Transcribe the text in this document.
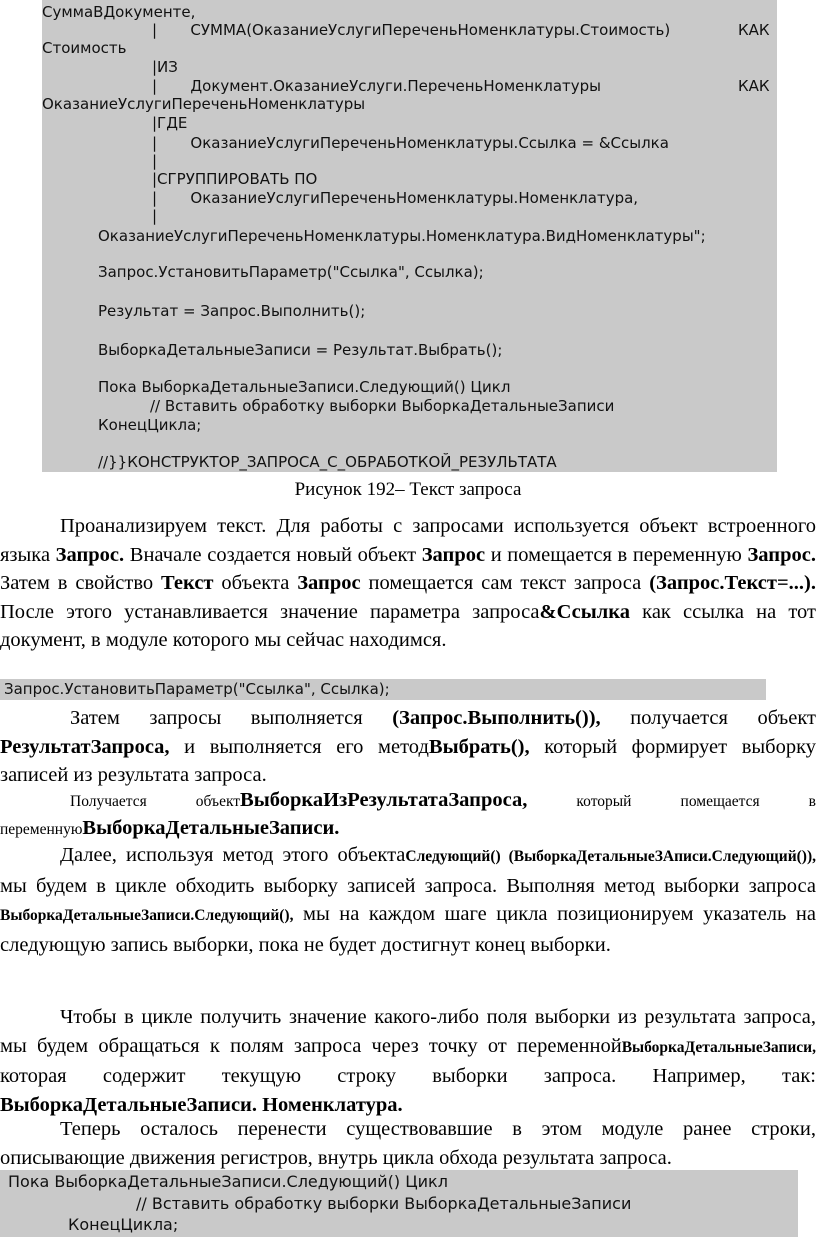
СуммаВДокументе,
|       СУММА(ОказаниеУслугиПереченьНоменклатуры.Стоимость)	КАК
Стоимость
|ИЗ
|       Документ.ОказаниеУслуги.ПереченьНоменклатуры	КАК
ОказаниеУслугиПереченьНоменклатуры
|ГДЕ
|       ОказаниеУслугиПереченьНоменклатуры.Ссылка = &Ссылка
|
|СГРУППИРОВАТЬ ПО
|       ОказаниеУслугиПереченьНоменклатуры.Номенклатура,
|
ОказаниеУслугиПереченьНоменклатуры.Номенклатура.ВидНоменклатуры";
Запрос.УстановитьПараметр("Ссылка", Ссылка);
Результат = Запрос.Выполнить();
ВыборкаДетальныеЗаписи = Результат.Выбрать();
Пока ВыборкаДетальныеЗаписи.Следующий() Цикл
// Вставить обработку выборки ВыборкаДетальныеЗаписи
КонецЦикла;
//}}КОНСТРУКТОР_ЗАПРОСА_С_ОБРАБОТКОЙ_РЕЗУЛЬТАТА
Рисунок 192– Текст запроса

Проанализируем текст. Для работы с запросами используется объект встроенного языка Запрос. Вначале создается новый объект Запрос и помещается в переменную Запрос. Затем в свойство Текст объекта Запрос помещается сам текст запроса (Запрос.Текст=...). После этого устанавливается значение параметра запроса&Ссылка как ссылка на тот документ, в модуле которого мы сейчас находимся.

Запрос.УстановитьПараметр("Ссылка", Ссылка);

Затем запросы выполняется (Запрос.Выполнить()), получается объект РезультатЗапроса, и выполняется его методВыбрать(), который формирует выборку записей из результата запроса.

Получается объектВыборкаИзРезультатаЗапроса, который помещается в переменнуюВыборкаДетальныеЗаписи.

Далее, используя метод этого объектаСледующий() (ВыборкаДетальныеЗАписи.Следующий()), мы будем в цикле обходить выборку записей запроса. Выполняя метод выборки запроса ВыборкаДетальныеЗаписи.Следующий(), мы на каждом шаге цикла позиционируем указатель на следующую запись выборки, пока не будет достигнут конец выборки.

Чтобы в цикле получить значение какого-либо поля выборки из результата запроса, мы будем обращаться к полям запроса через точку от переменнойВыборкаДетальныеЗаписи, которая содержит текущую строку выборки запроса. Например, так: ВыборкаДетальныеЗаписи. Номенклатура.

Теперь осталось перенести существовавшие в этом модуле ранее строки, описывающие движения регистров, внутрь цикла обхода результата запроса.

Пока ВыборкаДетальныеЗаписи.Следующий() Цикл

// Вставить обработку выборки ВыборкаДетальныеЗаписи

КонецЦикла;
